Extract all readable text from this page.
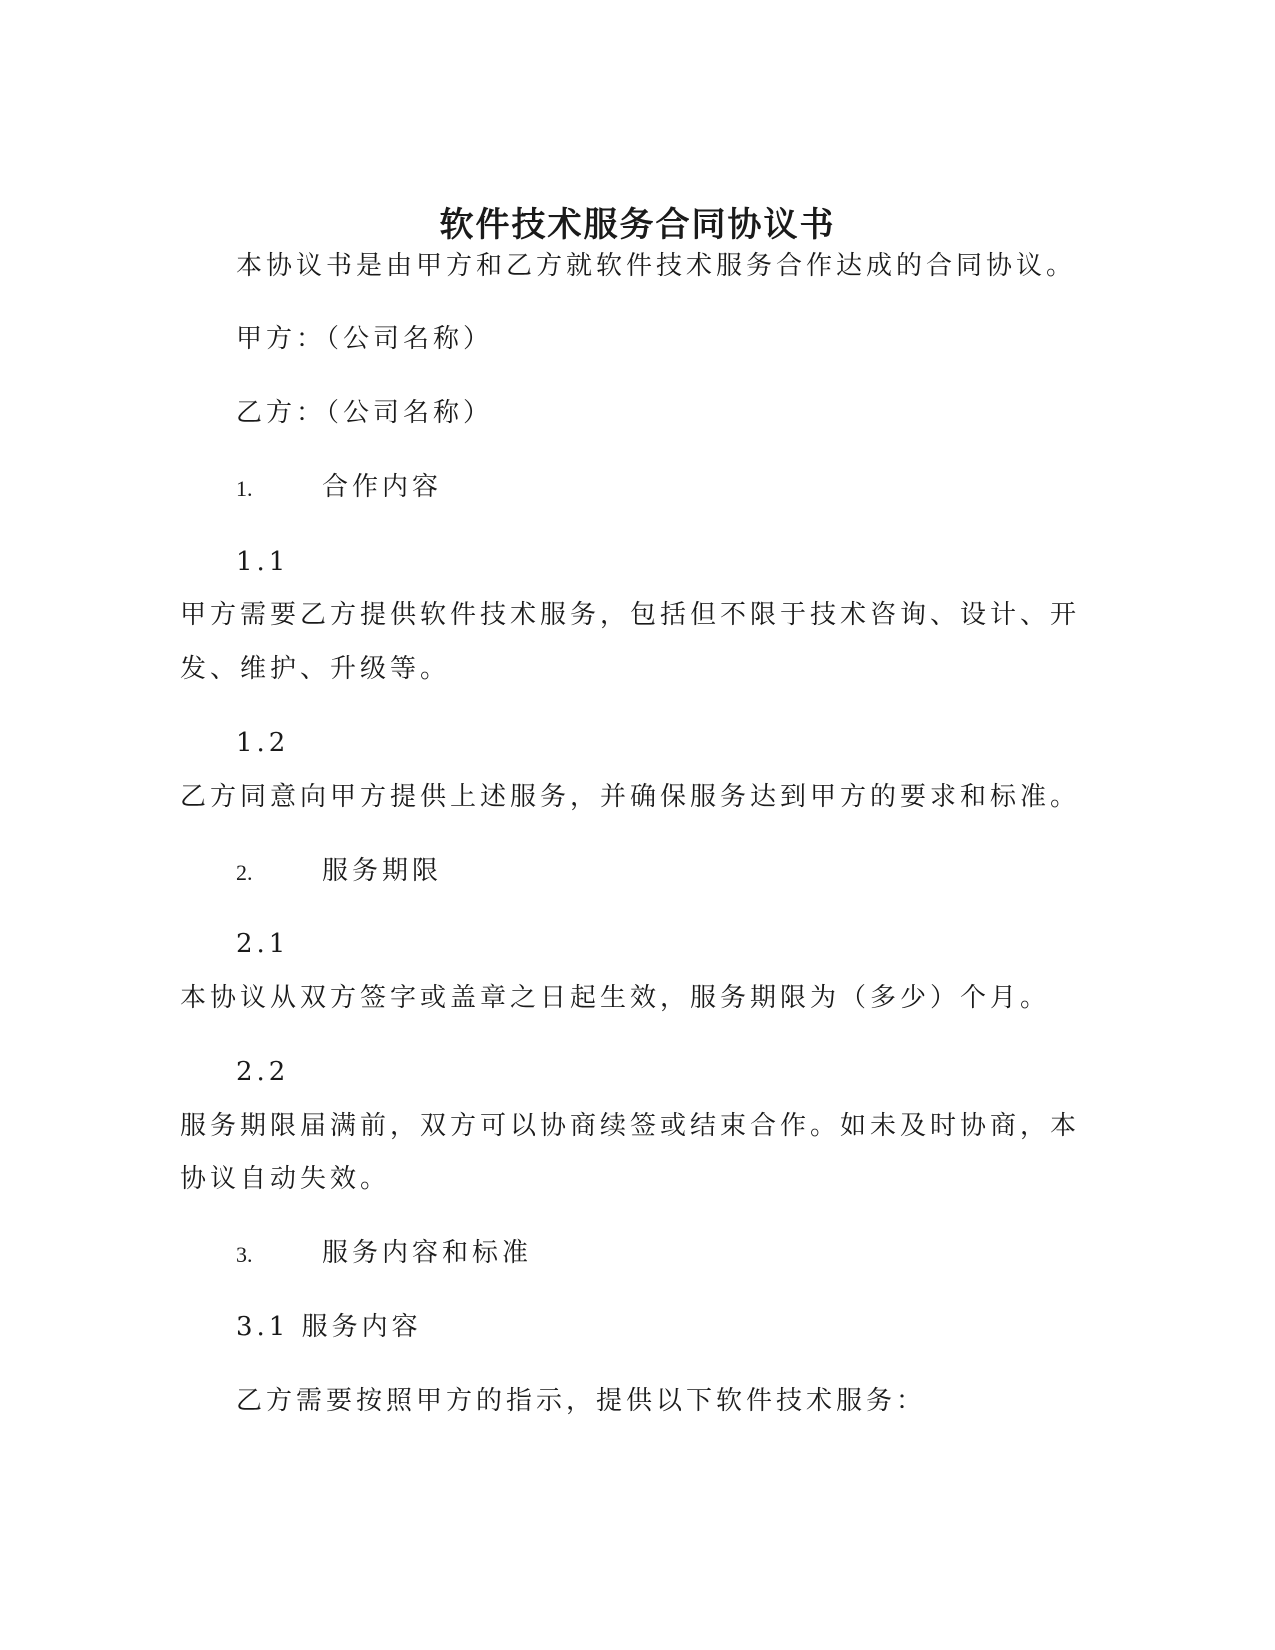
软件技术服务合同协议书

本协议书是由甲方和乙方就软件技术服务合作达成的合同协议。

甲方：（公司名称）

乙方：（公司名称）

1.	合作内容

1.1

甲方需要乙方提供软件技术服务，包括但不限于技术咨询、设计、开

发、维护、升级等。

1.2

乙方同意向甲方提供上述服务，并确保服务达到甲方的要求和标准。

2.	服务期限

2.1

本协议从双方签字或盖章之日起生效，服务期限为（多少）个月。

2.2

服务期限届满前，双方可以协商续签或结束合作。如未及时协商，本

协议自动失效。

3.	服务内容和标准

3.1 服务内容

乙方需要按照甲方的指示，提供以下软件技术服务：
